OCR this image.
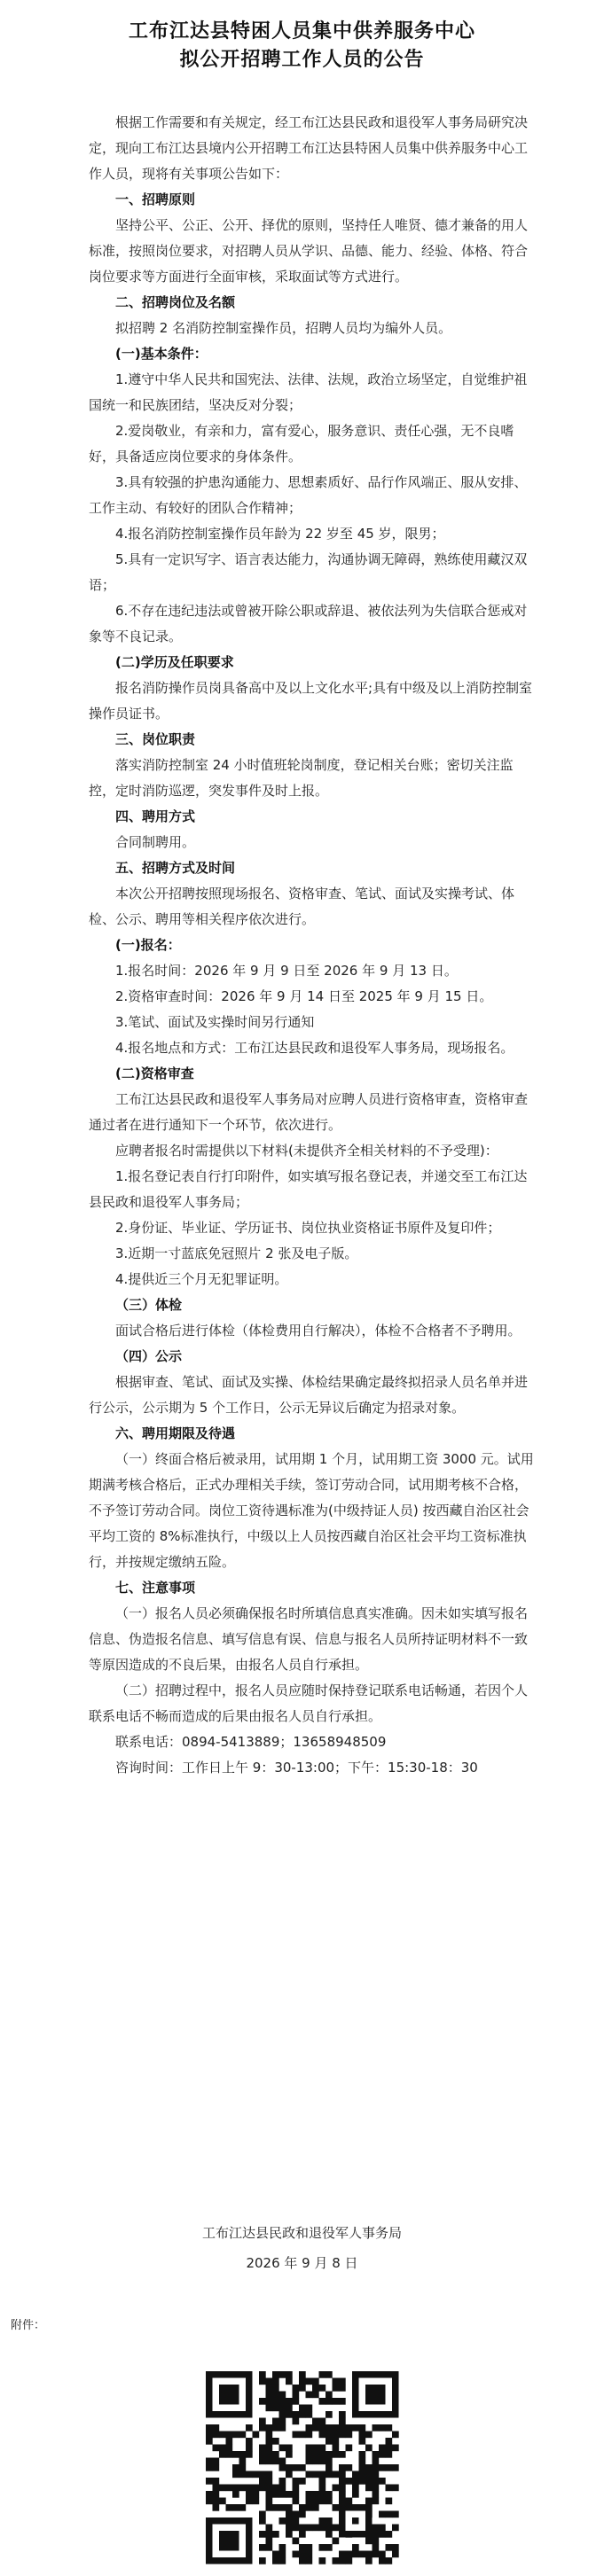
工布江达县特困人员集中供养服务中心
拟公开招聘工作人员的公告

根据工作需要和有关规定，经工布江达县民政和退役军人事务局研究决定，现向工布江达县境内公开招聘工布江达县特困人员集中供养服务中心工作人员，现将有关事项公告如下：

一、招聘原则

坚持公平、公正、公开、择优的原则，坚持任人唯贤、德才兼备的用人标准，按照岗位要求，对招聘人员从学识、品德、能力、经验、体格、符合岗位要求等方面进行全面审核，采取面试等方式进行。

二、招聘岗位及名额

拟招聘 2 名消防控制室操作员，招聘人员均为编外人员。

(一)基本条件：

1.遵守中华人民共和国宪法、法律、法规，政治立场坚定，自觉维护祖国统一和民族团结，坚决反对分裂；

2.爱岗敬业，有亲和力，富有爱心，服务意识、责任心强，无不良嗜好，具备适应岗位要求的身体条件。

3.具有较强的护患沟通能力、思想素质好、品行作风端正、服从安排、工作主动、有较好的团队合作精神；

4.报名消防控制室操作员年龄为 22 岁至 45 岁，限男；

5.具有一定识写字、语言表达能力，沟通协调无障碍，熟练使用藏汉双语；

6.不存在违纪违法或曾被开除公职或辞退、被依法列为失信联合惩戒对象等不良记录。

(二)学历及任职要求

报名消防操作员岗具备高中及以上文化水平;具有中级及以上消防控制室操作员证书。

三、岗位职责

落实消防控制室 24 小时值班轮岗制度，登记相关台账；密切关注监控，定时消防巡逻，突发事件及时上报。

四、聘用方式

合同制聘用。

五、招聘方式及时间

本次公开招聘按照现场报名、资格审查、笔试、面试及实操考试、体检、公示、聘用等相关程序依次进行。

(一)报名：

1.报名时间：2026 年 9 月 9 日至 2026 年 9 月 13 日。

2.资格审查时间：2026 年 9 月 14 日至 2025 年 9 月 15 日。

3.笔试、面试及实操时间另行通知

4.报名地点和方式：工布江达县民政和退役军人事务局，现场报名。

(二)资格审查

工布江达县民政和退役军人事务局对应聘人员进行资格审查，资格审查通过者在进行通知下一个环节，依次进行。

应聘者报名时需提供以下材料(未提供齐全相关材料的不予受理)：

1.报名登记表自行打印附件，如实填写报名登记表，并递交至工布江达县民政和退役军人事务局；

2.身份证、毕业证、学历证书、岗位执业资格证书原件及复印件；

3.近期一寸蓝底免冠照片 2 张及电子版。

4.提供近三个月无犯罪证明。

（三）体检

面试合格后进行体检（体检费用自行解决），体检不合格者不予聘用。

（四）公示

根据审查、笔试、面试及实操、体检结果确定最终拟招录人员名单并进行公示，公示期为 5 个工作日，公示无异议后确定为招录对象。

六、聘用期限及待遇

（一）终面合格后被录用，试用期 1 个月，试用期工资 3000 元。试用期满考核合格后，正式办理相关手续，签订劳动合同，试用期考核不合格，不予签订劳动合同。岗位工资待遇标准为(中级持证人员) 按西藏自治区社会平均工资的 8%标准执行，中级以上人员按西藏自治区社会平均工资标准执行，并按规定缴纳五险。

七、注意事项

（一）报名人员必须确保报名时所填信息真实准确。因未如实填写报名信息、伪造报名信息、填写信息有误、信息与报名人员所持证明材料不一致等原因造成的不良后果，由报名人员自行承担。

（二）招聘过程中，报名人员应随时保持登记联系电话畅通，若因个人联系电话不畅而造成的后果由报名人员自行承担。

联系电话：0894-5413889；13658948509

咨询时间：工作日上午 9：30-13:00；下午：15:30-18：30

工布江达县民政和退役军人事务局
2026 年 9 月 8 日
附件：
